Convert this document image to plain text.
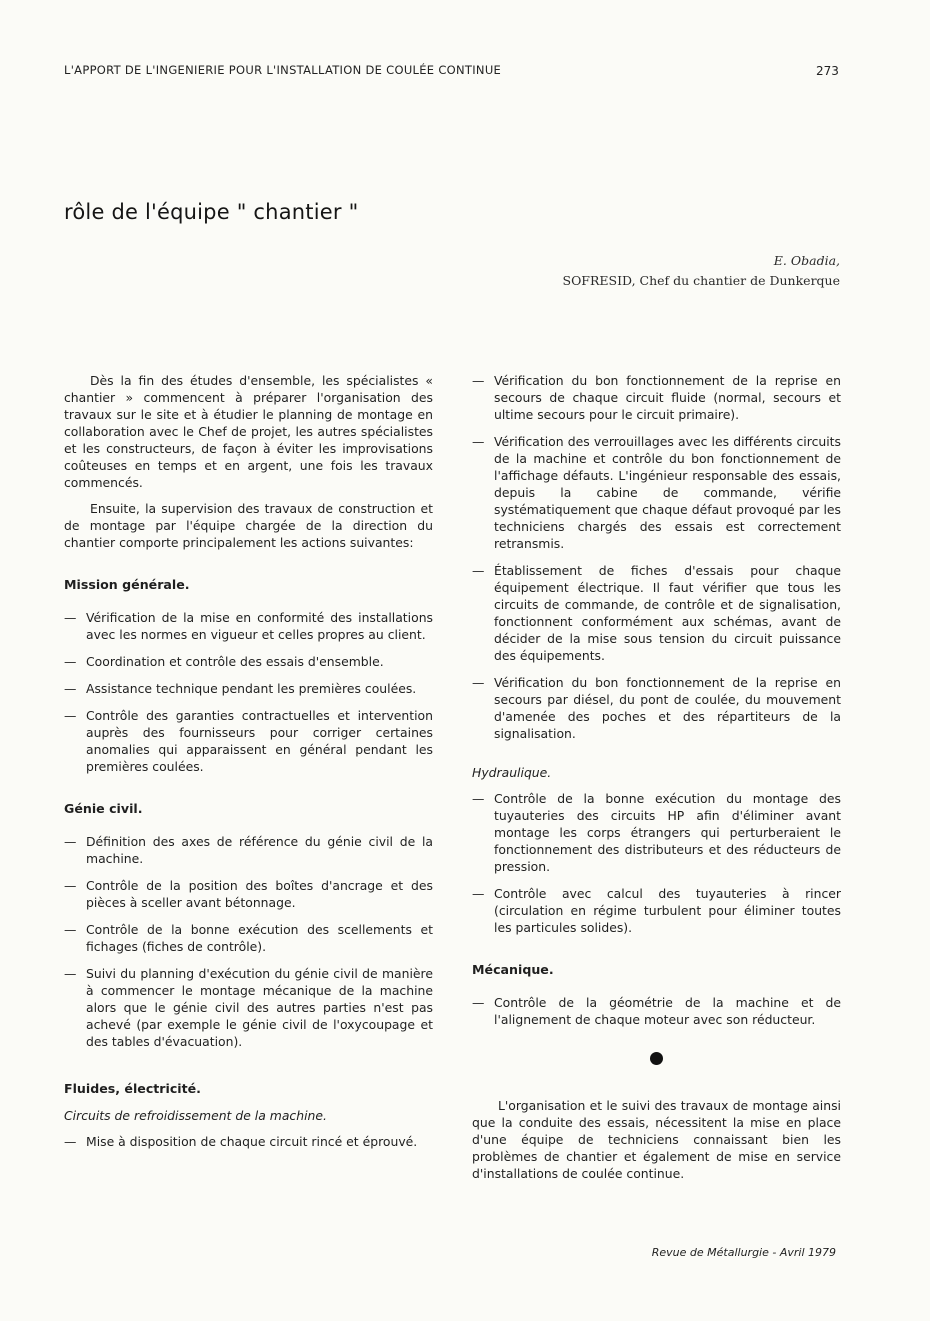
L'APPORT DE L'INGENIERIE POUR L'INSTALLATION DE COULÉE CONTINUE	273
rôle de l'équipe " chantier "
E. Obadia,
SOFRESID, Chef du chantier de Dunkerque

Dès la fin des études d'ensemble, les spécialistes « chantier » commencent à préparer l'organisation des travaux sur le site et à étudier le planning de montage en collaboration avec le Chef de projet, les autres spécialistes et les constructeurs, de façon à éviter les improvisations coûteuses en temps et en argent, une fois les travaux commencés.

Ensuite, la supervision des travaux de construction et de montage par l'équipe chargée de la direction du chantier comporte principalement les actions suivantes:

Mission générale.
— Vérification de la mise en conformité des installations avec les normes en vigueur et celles propres au client.
— Coordination et contrôle des essais d'ensemble.
— Assistance technique pendant les premières coulées.
— Contrôle des garanties contractuelles et intervention auprès des fournisseurs pour corriger certaines anomalies qui apparaissent en général pendant les premières coulées.
Génie civil.
— Définition des axes de référence du génie civil de la machine.
— Contrôle de la position des boîtes d'ancrage et des pièces à sceller avant bétonnage.
— Contrôle de la bonne exécution des scellements et fichages (fiches de contrôle).
— Suivi du planning d'exécution du génie civil de manière à commencer le montage mécanique de la machine alors que le génie civil des autres parties n'est pas achevé (par exemple le génie civil de l'oxycoupage et des tables d'évacuation).
Fluides, électricité.
Circuits de refroidissement de la machine.
— Mise à disposition de chaque circuit rincé et éprouvé.
— Vérification du bon fonctionnement de la reprise en secours de chaque circuit fluide (normal, secours et ultime secours pour le circuit primaire).
— Vérification des verrouillages avec les différents circuits de la machine et contrôle du bon fonctionnement de l'affichage défauts. L'ingénieur responsable des essais, depuis la cabine de commande, vérifie systématiquement que chaque défaut provoqué par les techniciens chargés des essais est correctement retransmis.
— Établissement de fiches d'essais pour chaque équipement électrique. Il faut vérifier que tous les circuits de commande, de contrôle et de signalisation, fonctionnent conformément aux schémas, avant de décider de la mise sous tension du circuit puissance des équipements.
— Vérification du bon fonctionnement de la reprise en secours par diésel, du pont de coulée, du mouvement d'amenée des poches et des répartiteurs de la signalisation.
Hydraulique.
— Contrôle de la bonne exécution du montage des tuyauteries des circuits HP afin d'éliminer avant montage les corps étrangers qui perturberaient le fonctionnement des distributeurs et des réducteurs de pression.
— Contrôle avec calcul des tuyauteries à rincer (circulation en régime turbulent pour éliminer toutes les particules solides).
Mécanique.
— Contrôle de la géométrie de la machine et de l'alignement de chaque moteur avec son réducteur.

L'organisation et le suivi des travaux de montage ainsi que la conduite des essais, nécessitent la mise en place d'une équipe de techniciens connaissant bien les problèmes de chantier et également de mise en service d'installations de coulée continue.

Revue de Métallurgie - Avril 1979
